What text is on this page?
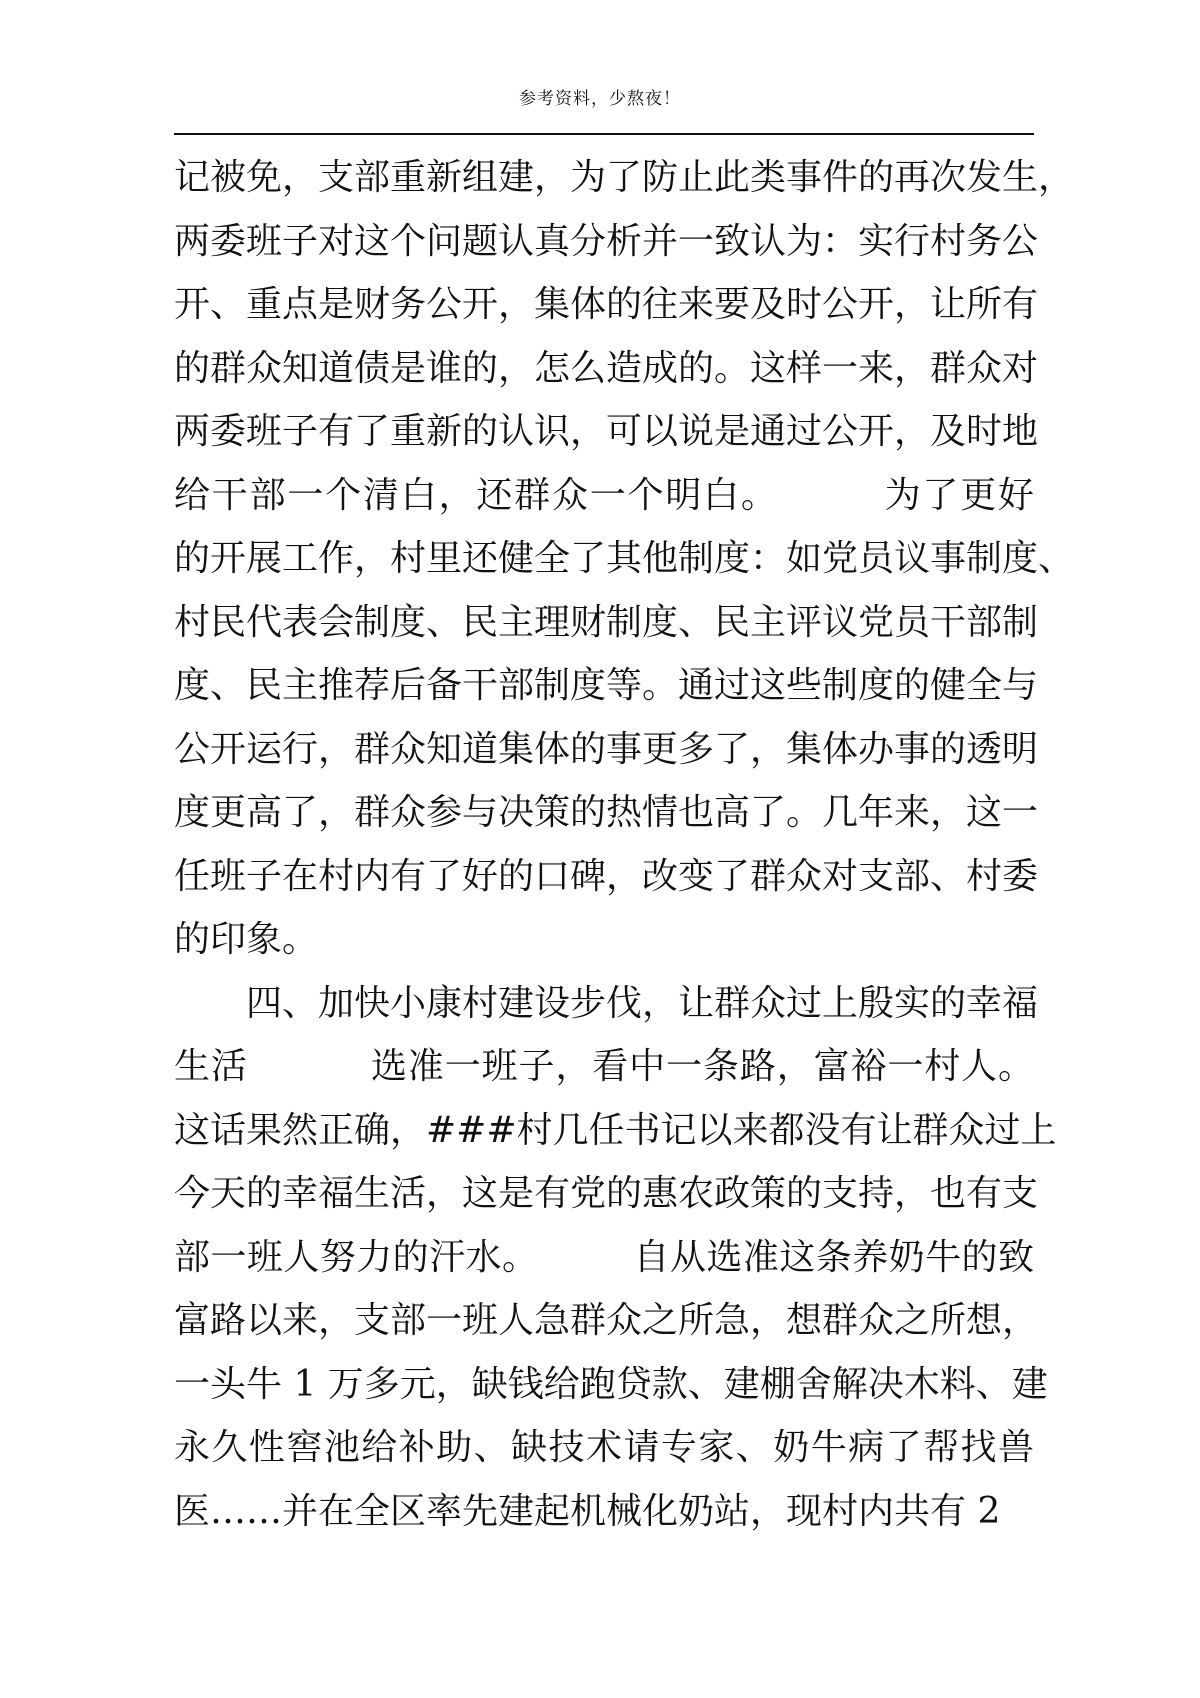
参考资料，少熬夜！
记被免，支部重新组建，为了防止此类事件的再次发生，
两委班子对这个问题认真分析并一致认为：实行村务公
开、重点是财务公开，集体的往来要及时公开，让所有
的群众知道债是谁的，怎么造成的。这样一来，群众对
两委班子有了重新的认识，可以说是通过公开，及时地
给干部一个清白，还群众一个明白。        为了更好
的开展工作，村里还健全了其他制度：如党员议事制度、
村民代表会制度、民主理财制度、民主评议党员干部制
度、民主推荐后备干部制度等。通过这些制度的健全与
公开运行，群众知道集体的事更多了，集体办事的透明
度更高了，群众参与决策的热情也高了。几年来，这一
任班子在村内有了好的口碑，改变了群众对支部、村委
的印象。
四、加快小康村建设步伐，让群众过上殷实的幸福
生活          选准一班子，看中一条路，富裕一村人。
这话果然正确，###村几任书记以来都没有让群众过上
今天的幸福生活，这是有党的惠农政策的支持，也有支
部一班人努力的汗水。        自从选准这条养奶牛的致
富路以来，支部一班人急群众之所急，想群众之所想，
一头牛 1 万多元，缺钱给跑贷款、建棚舍解决木料、建
永久性窖池给补助、缺技术请专家、奶牛病了帮找兽
医……并在全区率先建起机械化奶站，现村内共有 2
